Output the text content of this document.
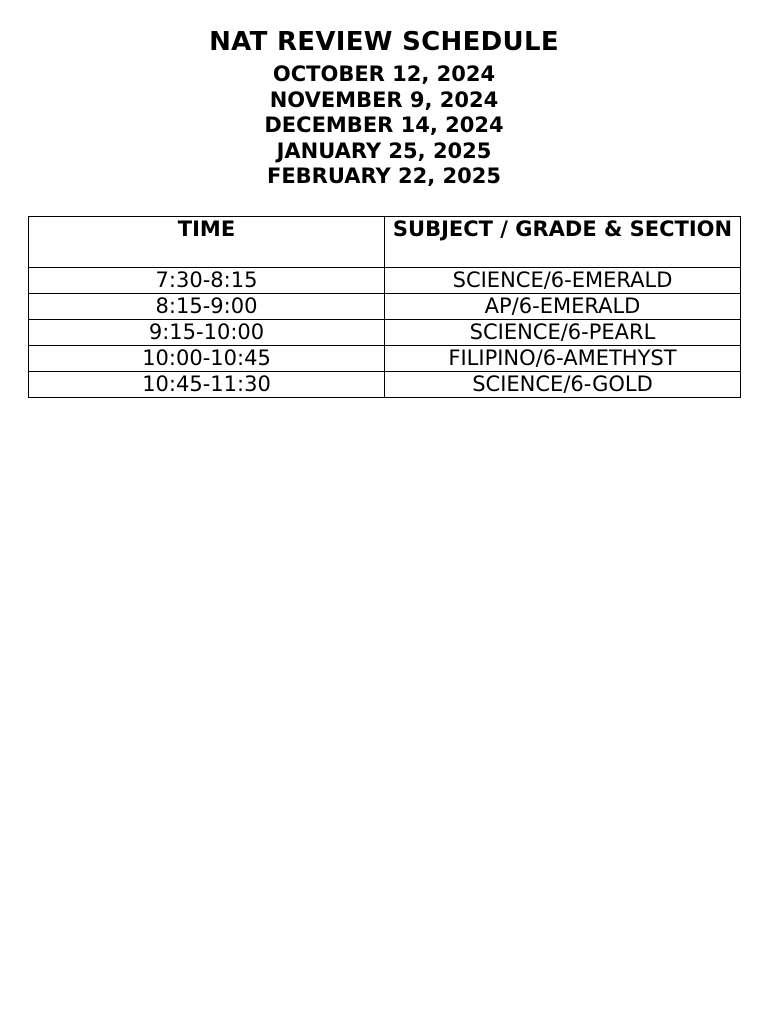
NAT REVIEW SCHEDULE
OCTOBER 12, 2024
NOVEMBER 9, 2024
DECEMBER 14, 2024
JANUARY 25, 2025
FEBRUARY 22, 2025
TIME	SUBJECT / GRADE & SECTION
7:30-8:15	SCIENCE/6-EMERALD
8:15-9:00	AP/6-EMERALD
9:15-10:00	SCIENCE/6-PEARL
10:00-10:45	FILIPINO/6-AMETHYST
10:45-11:30	SCIENCE/6-GOLD
